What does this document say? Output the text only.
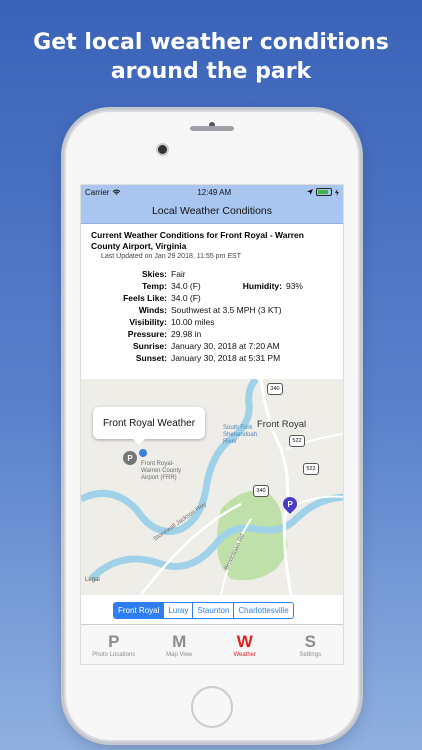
Get local weather conditions
around the park
Carrier	12:49 AM
Local Weather Conditions
Current Weather Conditions for Front Royal - Warren County Airport, Virginia
Last Updated on Jan 29 2018, 11:55 pm EST
Skies: Fair
Temp: 34.0 (F)	Humidity: 93%
Feels Like: 34.0 (F)
Winds: Southwest at 3.5 MPH (3 KT)
Visibility: 10.00 miles
Pressure: 29.98 in
Sunrise: January 30, 2018 at 7:20 AM
Sunset: January 30, 2018 at 5:31 PM
Front Royal Weather	Front Royal
South Fork Shenandoah River
Front Royal-Warren County Airport (FRR)
Stonewall Jackson Hwy
Browntown Rd
340
522
522
340
P
P
Legal
Front Royal	Luray	Staunton	Charlottesville
P
Photo Locations
M
Map View
W
Weather
S
Settings
